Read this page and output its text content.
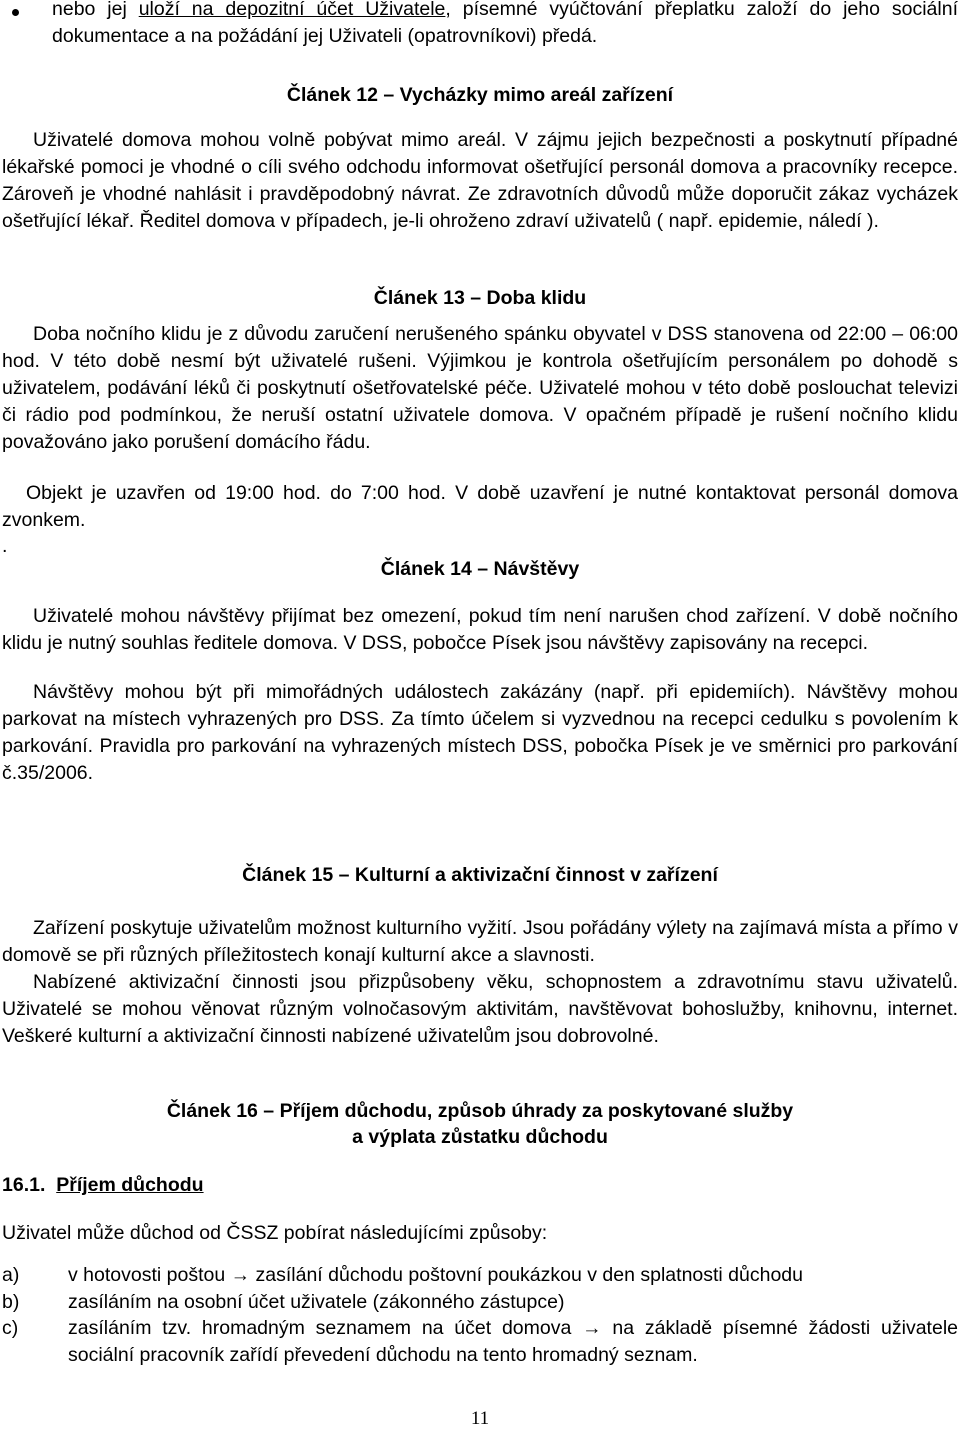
nebo jej uloží na depozitní účet Uživatele, písemné vyúčtování přeplatku založí do jeho sociální dokumentace a na požádání jej Uživateli (opatrovníkovi) předá.
Článek 12 – Vycházky mimo areál zařízení
Uživatelé domova mohou volně pobývat mimo areál. V zájmu jejich bezpečnosti a poskytnutí případné lékařské pomoci je vhodné o cíli svého odchodu informovat ošetřující personál domova a pracovníky recepce. Zároveň je vhodné nahlásit i pravděpodobný návrat. Ze zdravotních důvodů může doporučit zákaz vycházek ošetřující lékař. Ředitel domova v případech, je-li ohroženo zdraví uživatelů ( např. epidemie, náledí ).
Článek 13 – Doba klidu
Doba nočního klidu je z důvodu zaručení nerušeného spánku obyvatel v DSS stanovena od 22:00 – 06:00 hod. V této době nesmí být uživatelé rušeni. Výjimkou je kontrola ošetřujícím personálem po dohodě s uživatelem, podávání léků či poskytnutí ošetřovatelské péče. Uživatelé mohou v této době poslouchat televizi či rádio pod podmínkou, že neruší ostatní uživatele domova. V opačném případě je rušení nočního klidu považováno jako porušení domácího řádu.
Objekt je uzavřen od 19:00 hod. do 7:00 hod. V době uzavření je nutné kontaktovat personál domova zvonkem.
.
Článek 14 – Návštěvy
Uživatelé mohou návštěvy přijímat bez omezení, pokud tím není narušen chod zařízení. V době nočního klidu je nutný souhlas ředitele domova. V DSS, pobočce Písek jsou návštěvy zapisovány na recepci.
Návštěvy mohou být při mimořádných událostech zakázány (např. při epidemiích). Návštěvy mohou parkovat na místech vyhrazených pro DSS. Za tímto účelem si vyzvednou na recepci cedulku s povolením k parkování. Pravidla pro parkování na vyhrazených místech DSS, pobočka Písek je ve směrnici pro parkování č.35/2006.
Článek 15 – Kulturní a aktivizační činnost v zařízení
Zařízení poskytuje uživatelům možnost kulturního vyžití. Jsou pořádány výlety na zajímavá místa a přímo v domově se při různých příležitostech konají kulturní akce a slavnosti.
Nabízené aktivizační činnosti jsou přizpůsobeny věku, schopnostem a zdravotnímu stavu uživatelů. Uživatelé se mohou věnovat různým volnočasovým aktivitám, navštěvovat bohoslužby, knihovnu, internet. Veškeré kulturní a aktivizační činnosti nabízené uživatelům jsou dobrovolné.
Článek 16 – Příjem důchodu, způsob úhrady za poskytované služby
a výplata zůstatku důchodu
16.1. Příjem důchodu
Uživatel může důchod od ČSSZ pobírat následujícími způsoby:
a)	v hotovosti poštou → zasílání důchodu poštovní poukázkou v den splatnosti důchodu
b)	zasíláním na osobní účet uživatele (zákonného zástupce)
c)	zasíláním tzv. hromadným seznamem na účet domova → na základě písemné žádosti uživatele sociální pracovník zařídí převedení důchodu na tento hromadný seznam.
11
